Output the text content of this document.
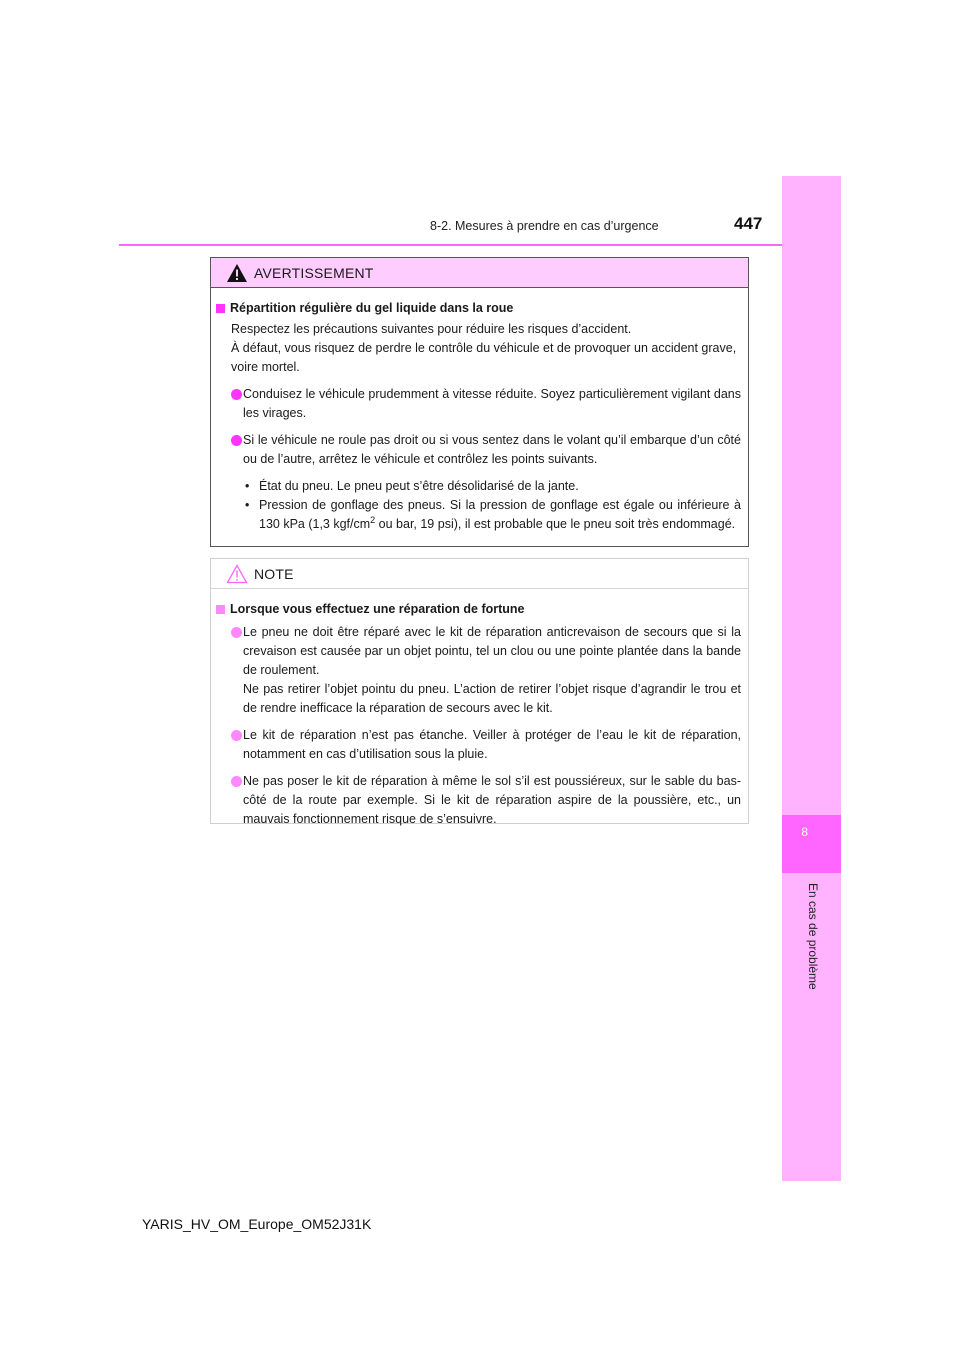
8-2. Mesures à prendre en cas d’urgence	447
8
En cas de problème
AVERTISSEMENT
Répartition régulière du gel liquide dans la roue
Respectez les précautions suivantes pour réduire les risques d’accident.
À défaut, vous risquez de perdre le contrôle du véhicule et de provoquer un accident grave, voire mortel.
Conduisez le véhicule prudemment à vitesse réduite. Soyez particulièrement vigilant dans les virages.
Si le véhicule ne roule pas droit ou si vous sentez dans le volant qu’il embarque d’un côté ou de l’autre, arrêtez le véhicule et contrôlez les points suivants.
• État du pneu. Le pneu peut s’être désolidarisé de la jante.
• Pression de gonflage des pneus. Si la pression de gonflage est égale ou inférieure à 130 kPa (1,3 kgf/$cm^2$ ou bar, 19 psi), il est probable que le pneu soit très endommagé.
NOTE
Lorsque vous effectuez une réparation de fortune
Le pneu ne doit être réparé avec le kit de réparation anticrevaison de secours que si la crevaison est causée par un objet pointu, tel un clou ou une pointe plantée dans la bande de roulement.
Ne pas retirer l’objet pointu du pneu. L’action de retirer l’objet risque d’agrandir le trou et de rendre inefficace la réparation de secours avec le kit.
Le kit de réparation n’est pas étanche. Veiller à protéger de l’eau le kit de réparation, notamment en cas d’utilisation sous la pluie.
Ne pas poser le kit de réparation à même le sol s’il est poussiéreux, sur le sable du bas-côté de la route par exemple. Si le kit de réparation aspire de la poussière, etc., un mauvais fonctionnement risque de s’ensuivre.
YARIS_HV_OM_Europe_OM52J31K
